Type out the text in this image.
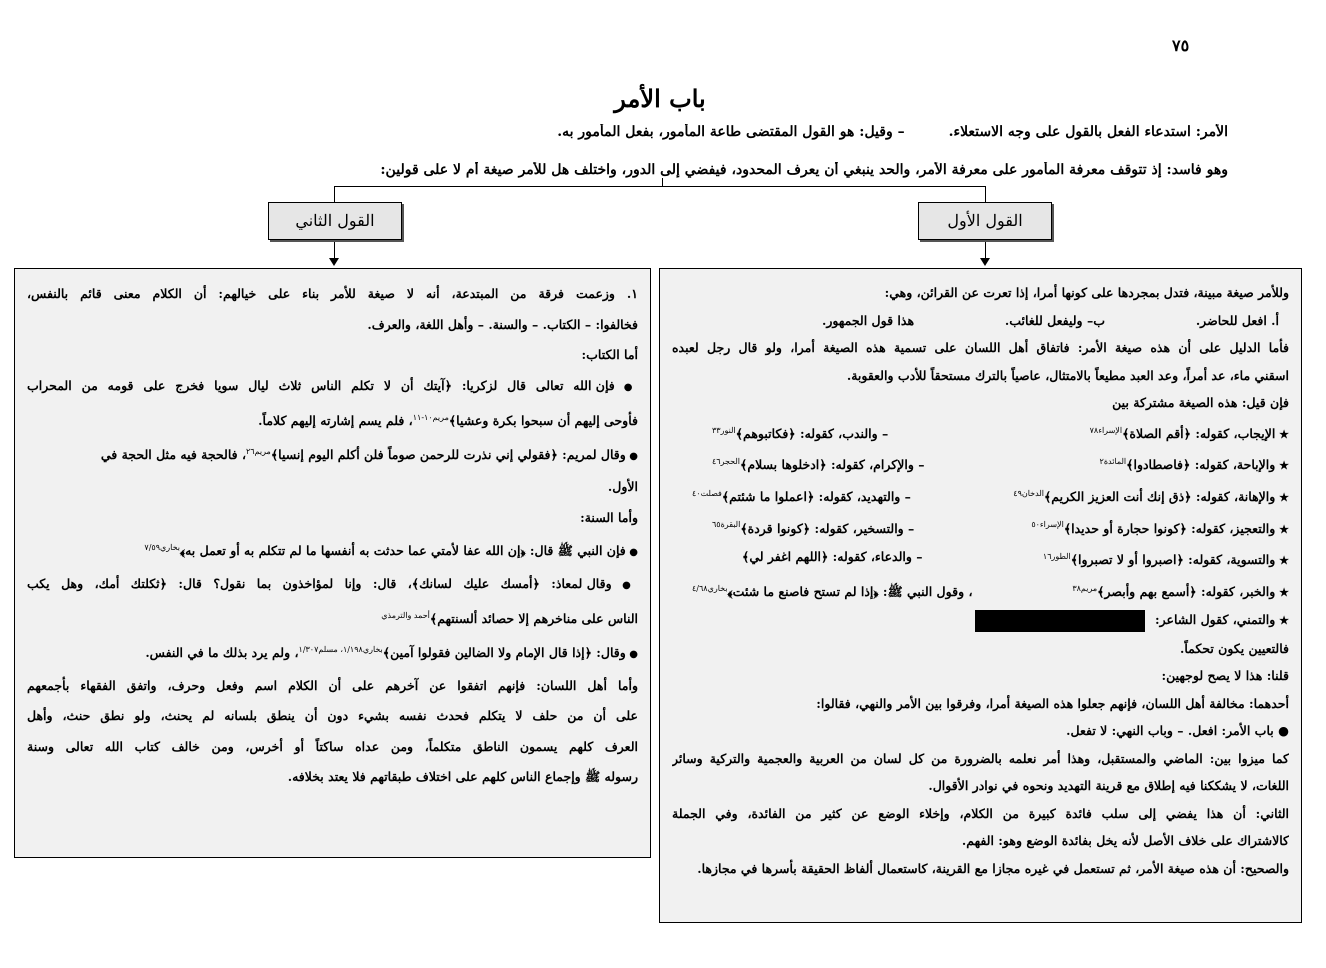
٧٥
باب الأمر
الأمر: استدعاء الفعل بالقول على وجه الاستعلاء.– وقيل: هو القول المقتضى طاعة المأمور، بفعل المأمور به.
وهو فاسد: إذ تتوقف معرفة المأمور على معرفة الأمر، والحد ينبغي أن يعرف المحدود، فيفضي إلى الدور، واختلف هل للأمر صيغة أم لا على قولين:
القول الأول
القول الثاني

وللأمر صيغة مبينة، فتدل بمجردها على كونها أمرا، إذا تعرت عن القرائن، وهي:

أ. افعل للحاضر.
ب– وليفعل للغائب.
هذا قول الجمهور.

فأما الدليل على أن هذه صيغة الأمر: فاتفاق أهل اللسان على تسمية هذه الصيغة أمرا، ولو قال رجل لعبده

اسقني ماء، عد أمراً، وعد العبد مطيعاً بالامتثال، عاصياً بالترك مستحقاً للأدب والعقوبة.

فإن قيل: هذه الصيغة مشتركة بين

★ الإيجاب، كقوله: ﴿أقم الصلاة﴾الإسراء٧٨
– والندب، كقوله: ﴿فكاتبوهم﴾النور٣٣
★ والإباحة، كقوله: ﴿فاصطادوا﴾المائدة٢
– والإكرام، كقوله: ﴿ادخلوها بسلام﴾الحجر٤٦
★ والإهانة، كقوله: ﴿ذق إنك أنت العزيز الكريم﴾الدخان٤٩
– والتهديد، كقوله: ﴿اعملوا ما شئتم﴾فصلت٤٠
★ والتعجيز، كقوله: ﴿كونوا حجارة أو حديدا﴾الإسراء٥٠
– والتسخير، كقوله: ﴿كونوا قردة﴾البقرة٦٥
★ والتسوية، كقوله: ﴿اصبروا أو لا تصبروا﴾الطور١٦
– والدعاء، كقوله: ﴿اللهم اغفر لي﴾
★ والخبر، كقوله: ﴿أسمع بهم وأبصر﴾مريم٣٨
، وقول النبي ﷺ: ﴿إذا لم تستح فاصنع ما شئت﴾بخاري٤/٦٨

★ والتمني، كقول الشاعر:

فالتعيين يكون تحكماً.

قلنا: هذا لا يصح لوجهين:

أحدهما: مخالفة أهل اللسان، فإنهم جعلوا هذه الصيغة أمرا، وفرقوا بين الأمر والنهي، فقالوا:

● باب الأمر: افعل. – وباب النهي: لا تفعل.

كما ميزوا بين: الماضي والمستقبل، وهذا أمر نعلمه بالضرورة من كل لسان من العربية والعجمية والتركية وسائر

اللغات، لا يشككنا فيه إطلاق مع قرينة التهديد ونحوه في نوادر الأقوال.

الثاني: أن هذا يفضي إلى سلب فائدة كبيرة من الكلام، وإخلاء الوضع عن كثير من الفائدة، وفي الجملة

كالاشتراك على خلاف الأصل لأنه يخل بفائدة الوضع وهو: الفهم.

والصحيح: أن هذه صيغة الأمر، ثم تستعمل في غيره مجازا مع القرينة، كاستعمال ألفاظ الحقيقة بأسرها في مجازها.

١. وزعمت فرقة من المبتدعة، أنه لا صيغة للأمر بناء على خيالهم: أن الكلام معنى قائم بالنفس،

فخالفوا: – الكتاب. – والسنة. – وأهل اللغة، والعرف.

أما الكتاب:

● فإن الله تعالى قال لزكريا: ﴿آيتك أن لا تكلم الناس ثلاث ليال سويا فخرج على قومه من المحراب

فأوحى إليهم أن سبحوا بكرة وعشيا﴾$^{مريم١٠-١١}$، فلم يسم إشارته إليهم كلاماً.

● وقال لمريم: ﴿فقولي إني نذرت للرحمن صوماً فلن أكلم اليوم إنسيا﴾$^{مريم٢٦}$، فالحجة فيه مثل الحجة في

الأول.

وأما السنة:

● فإن النبي ﷺ قال: ﴿إن الله عفا لأمتي عما حدثت به أنفسها ما لم تتكلم به أو تعمل به﴾$^{بخاري٧/٥٩}$

● وقال لمعاذ: ﴿أمسك عليك لسانك﴾، قال: وإنا لمؤاخذون بما نقول؟ قال: ﴿ثكلتك أمك، وهل يكب

الناس على مناخرهم إلا حصائد ألسنتهم﴾$^{أحمد والترمذي}$

● وقال: ﴿إذا قال الإمام ولا الضالين فقولوا آمين﴾$^{بخاري١/١٩٨، مسلم١/٣٠٧}$، ولم يرد بذلك ما في النفس.

وأما أهل اللسان: فإنهم اتفقوا عن آخرهم على أن الكلام اسم وفعل وحرف، واتفق الفقهاء بأجمعهم

على أن من حلف لا يتكلم فحدث نفسه بشيء دون أن ينطق بلسانه لم يحنث، ولو نطق حنث، وأهل

العرف كلهم يسمون الناطق متكلماً، ومن عداه ساكتاً أو أخرس، ومن خالف كتاب الله تعالى وسنة

رسوله ﷺ وإجماع الناس كلهم على اختلاف طبقاتهم فلا يعتد بخلافه.
